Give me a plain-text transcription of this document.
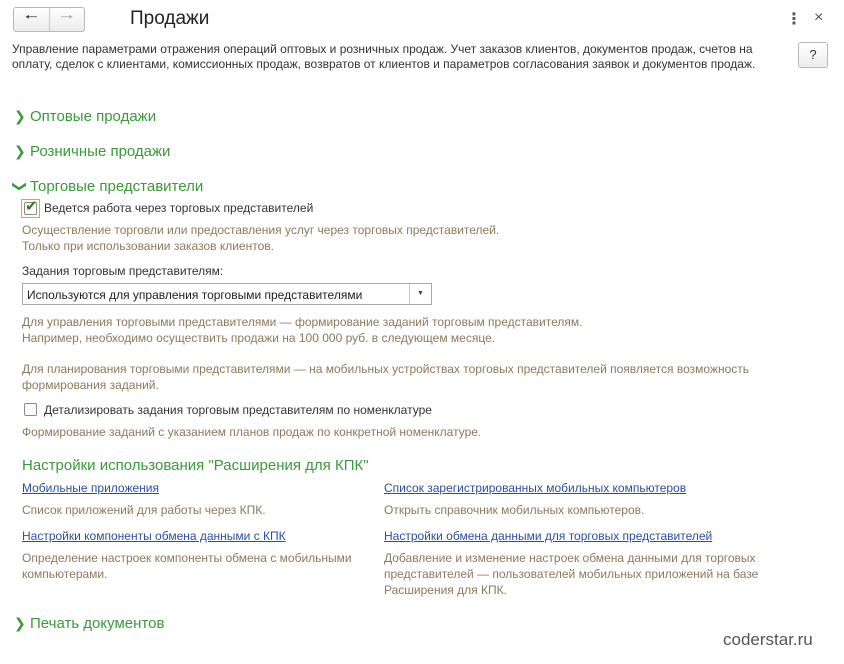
🠐	🠒	Продажи	⋮ ×
Управление параметрами отражения операций оптовых и розничных продаж. Учет заказов клиентов, документов продаж, счетов на оплату, сделок с клиентами, комиссионных продаж, возвратов от клиентов и параметров согласования заявок и документов продаж.
?
❯ Оптовые продажи
❯ Розничные продажи
❯ Торговые представители
✔ Ведется работа через торговых представителей
Осуществление торговли или предоставления услуг через торговых представителей.
Только при использовании заказов клиентов.
Задания торговым представителям:
Используются для управления торговыми представителями	▼
Для управления торговыми представителями — формирование заданий торговым представителям.
Например, необходимо осуществить продажи на 100 000 руб. в следующем месяце.
Для планирования торговыми представителями — на мобильных устройствах торговых представителей появляется возможность
формирования заданий.
Детализировать задания торговым представителям по номенклатуре
Формирование заданий с указанием планов продаж по конкретной номенклатуре.
Настройки использования "Расширения для КПК"
Мобильные приложения
Список приложений для работы через КПК.
Список зарегистрированных мобильных компьютеров
Открыть справочник мобильных компьютеров.
Настройки компоненты обмена данными с КПК
Определение настроек компоненты обмена с мобильными
компьютерами.
Настройки обмена данными для торговых представителей
Добавление и изменение настроек обмена данными для торговых
представителей — пользователей мобильных приложений на базе
Расширения для КПК.
❯ Печать документов
coderstar.ru
